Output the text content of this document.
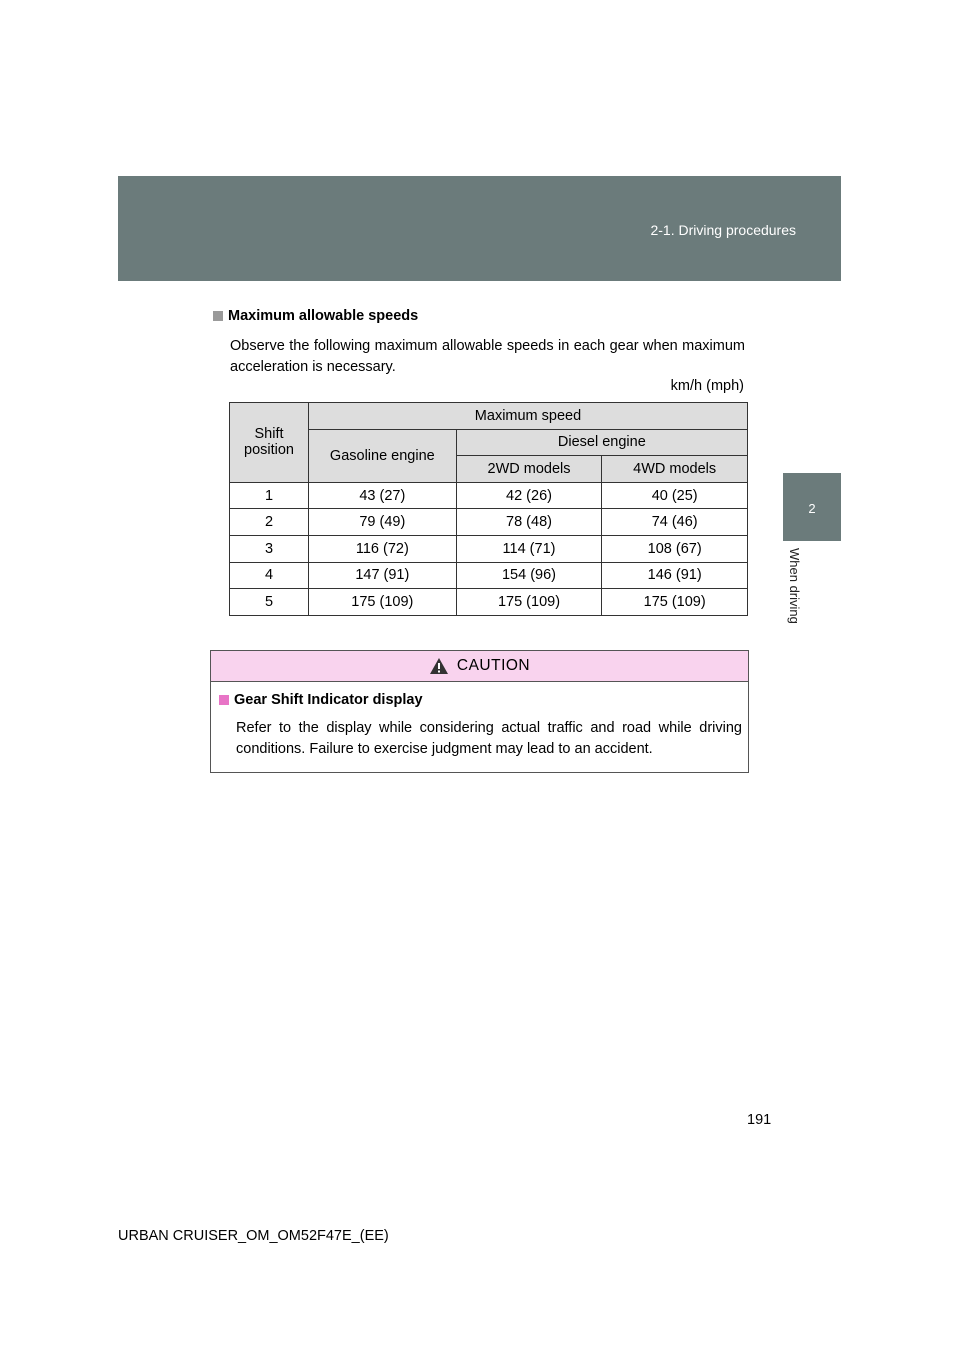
2-1. Driving procedures
2
When driving
Maximum allowable speeds
Observe the following maximum allowable speeds in each gear when maximum acceleration is necessary.
km/h (mph)
Shift position	Maximum speed		
	Gasoline engine	Diesel engine	
		2WD models	4WD models
1	43 (27)	42 (26)	40 (25)
2	79 (49)	78 (48)	74 (46)
3	116 (72)	114 (71)	108 (67)
4	147 (91)	154 (96)	146 (91)
5	175 (109)	175 (109)	175 (109)
CAUTION
Gear Shift Indicator display
Refer to the display while considering actual traffic and road while driving conditions. Failure to exercise judgment may lead to an accident.
191
URBAN CRUISER_OM_OM52F47E_(EE)
